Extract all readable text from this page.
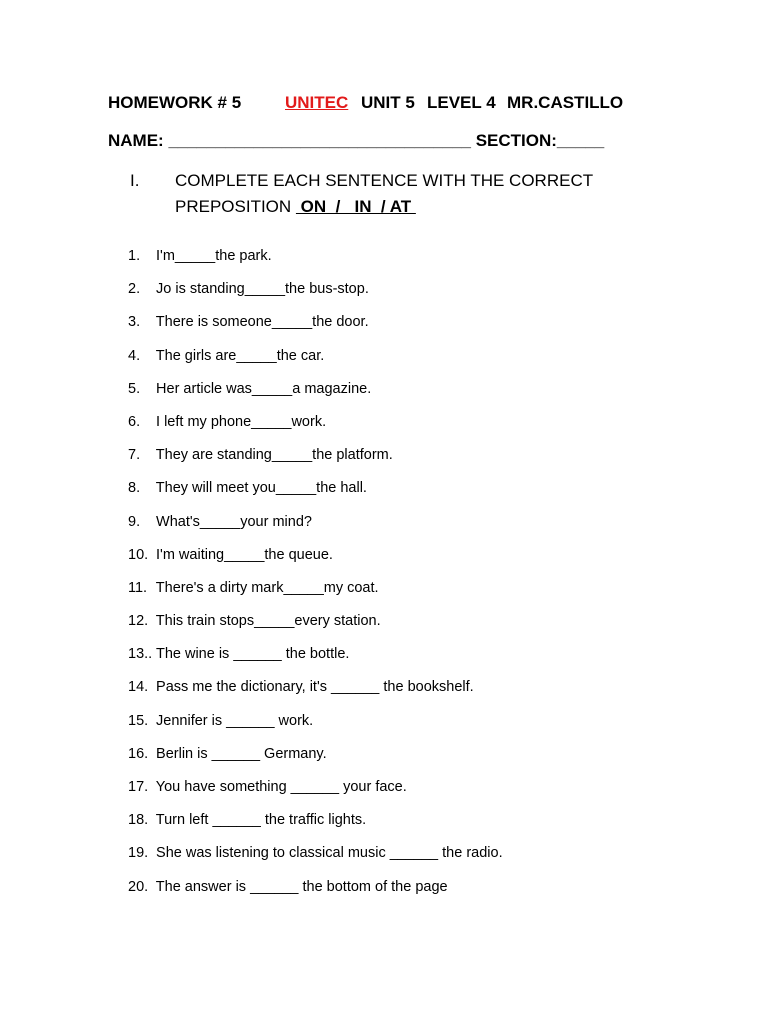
HOMEWORK # 5	UNITEC UNIT 5 LEVEL 4 MR.CASTILLO
NAME: ________________________________ SECTION:_____
I.	COMPLETE EACH SENTENCE WITH THE CORRECT
PREPOSITION  ON  /   IN  / AT
1. I'm_____the park.
2. Jo is standing_____the bus-stop.
3. There is someone_____the door.
4. The girls are_____the car.
5. Her article was_____a magazine.
6. I left my phone_____work.
7. They are standing_____the platform.
8. They will meet you_____the hall.
9. What's_____your mind?
10. I'm waiting_____the queue.
11. There's a dirty mark_____my coat.
12. This train stops_____every station.
13.. The wine is ______ the bottle.
14. Pass me the dictionary, it's ______ the bookshelf.
15. Jennifer is ______ work.
16. Berlin is ______ Germany.
17. You have something ______ your face.
18. Turn left ______ the traffic lights.
19. She was listening to classical music ______ the radio.
20. The answer is ______ the bottom of the page
